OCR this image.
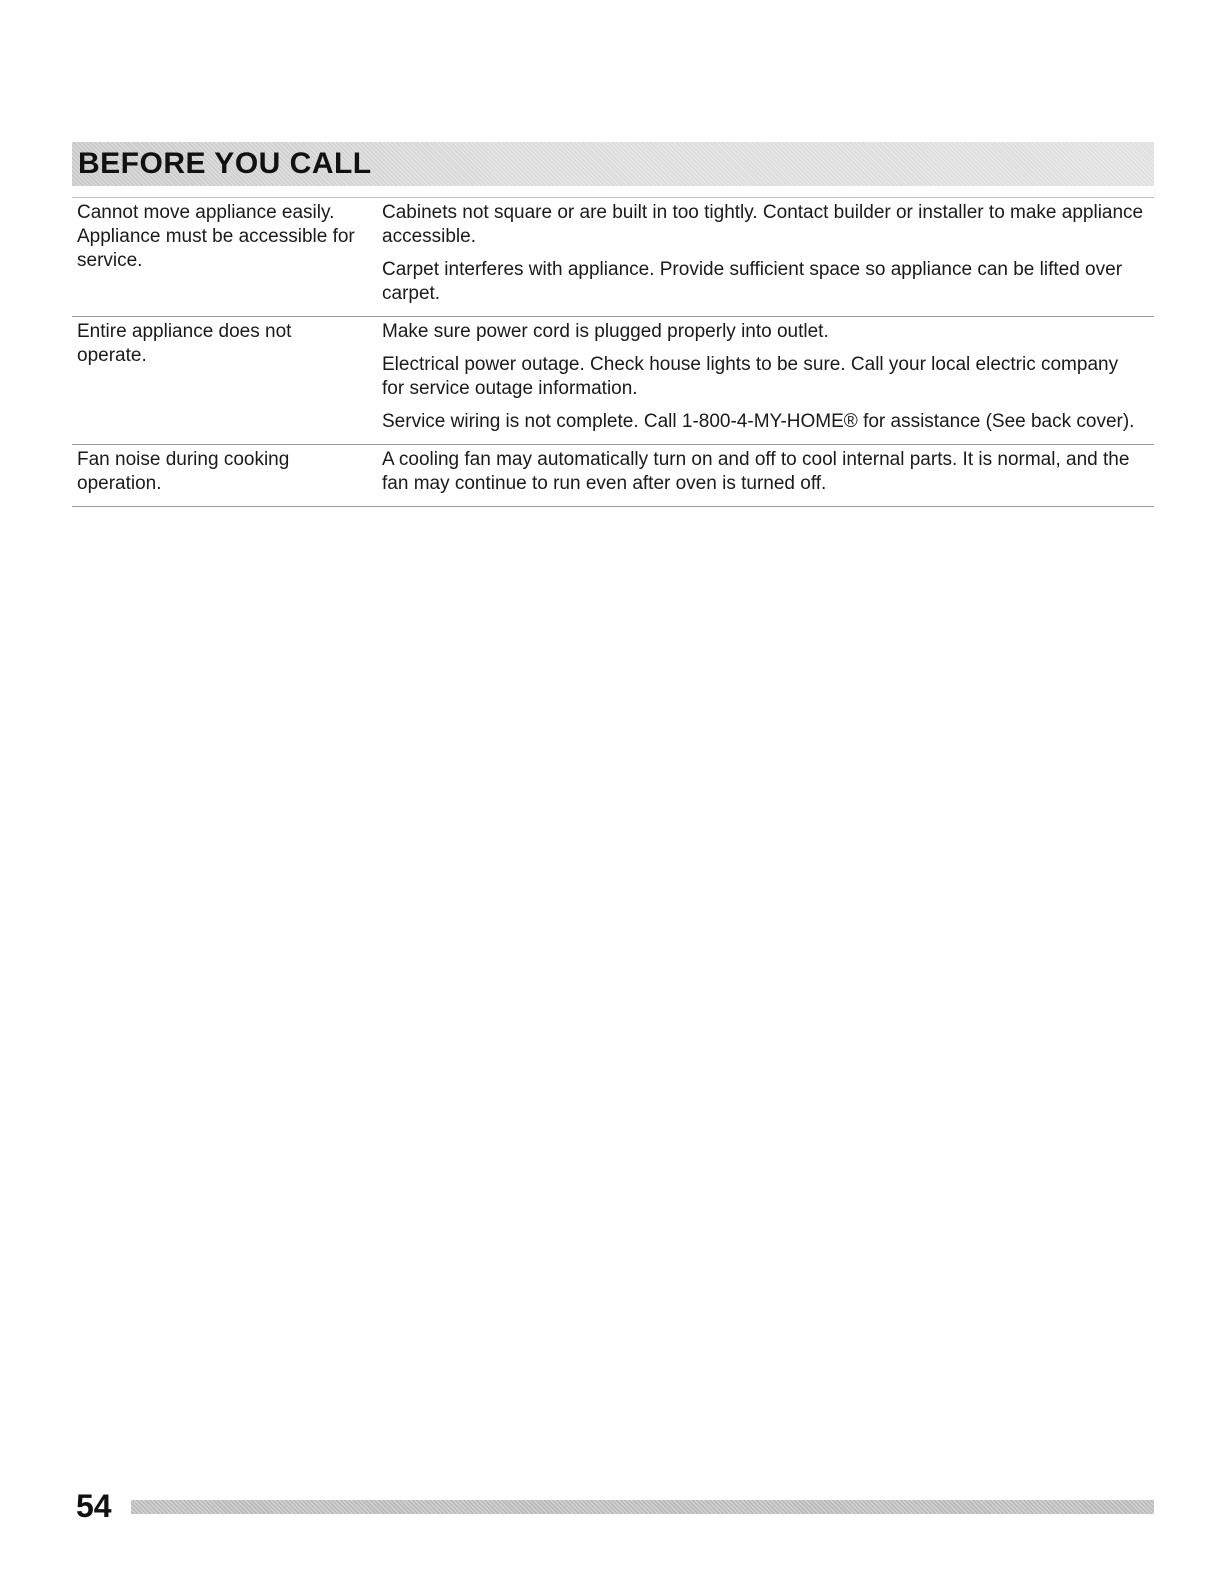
BEFORE YOU CALL
Cannot move appliance easily.
Appliance must be accessible for
service.

Cabinets not square or are built in too tightly. Contact builder or installer to make appliance accessible.

Carpet interferes with appliance. Provide sufficient space so appliance can be lifted over carpet.

Entire appliance does not
operate.

Make sure power cord is plugged properly into outlet.

Electrical power outage. Check house lights to be sure. Call your local electric company for service outage information.

Service wiring is not complete. Call 1-800-4-MY-HOME® for assistance (See back cover).

Fan noise during cooking
operation.

A cooling fan may automatically turn on and off to cool internal parts. It is normal, and the fan may continue to run even after oven is turned off.

54
